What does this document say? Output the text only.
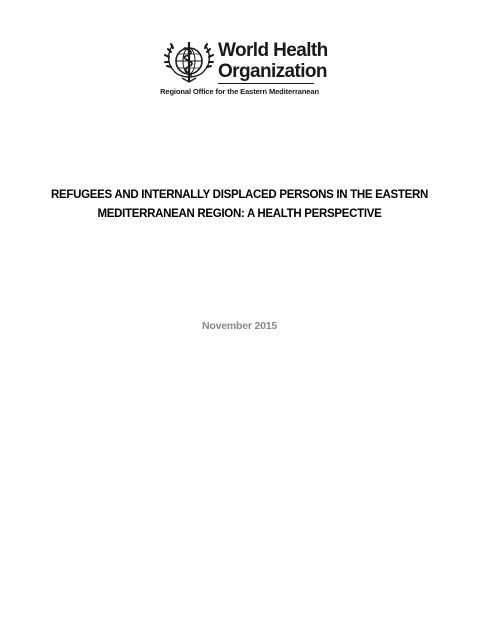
World Health
Organization
Regional Office for the Eastern Mediterranean
REFUGEES AND INTERNALLY DISPLACED PERSONS IN THE EASTERN
MEDITERRANEAN REGION: A HEALTH PERSPECTIVE
November 2015
